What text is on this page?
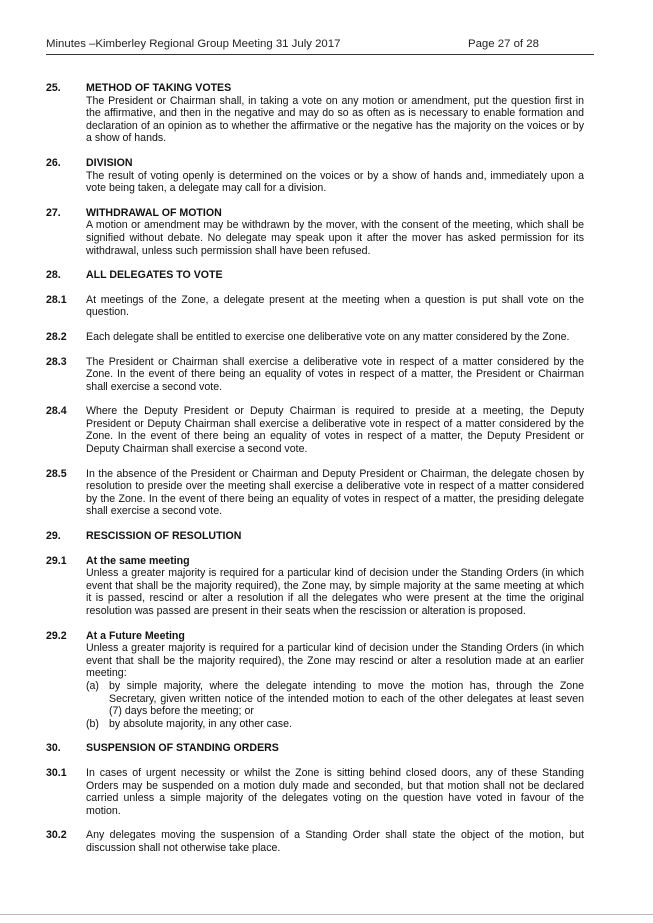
Minutes –Kimberley Regional Group Meeting 31 July 2017	Page 27 of 28
25. METHOD OF TAKING VOTES

The President or Chairman shall, in taking a vote on any motion or amendment, put the question first in the affirmative, and then in the negative and may do so as often as is necessary to enable formation and declaration of an opinion as to whether the affirmative or the negative has the majority on the voices or by a show of hands.

26. DIVISION

The result of voting openly is determined on the voices or by a show of hands and, immediately upon a vote being taken, a delegate may call for a division.

27. WITHDRAWAL OF MOTION

A motion or amendment may be withdrawn by the mover, with the consent of the meeting, which shall be signified without debate. No delegate may speak upon it after the mover has asked permission for its withdrawal, unless such permission shall have been refused.

28. ALL DELEGATES TO VOTE
28.1 At meetings of the Zone, a delegate present at the meeting when a question is put shall vote on the question.

28.2 Each delegate shall be entitled to exercise one deliberative vote on any matter considered by the Zone.

28.3 The President or Chairman shall exercise a deliberative vote in respect of a matter considered by the Zone. In the event of there being an equality of votes in respect of a matter, the President or Chairman shall exercise a second vote.

28.4 Where the Deputy President or Deputy Chairman is required to preside at a meeting, the Deputy President or Deputy Chairman shall exercise a deliberative vote in respect of a matter considered by the Zone. In the event of there being an equality of votes in respect of a matter, the Deputy President or Deputy Chairman shall exercise a second vote.

28.5 In the absence of the President or Chairman and Deputy President or Chairman, the delegate chosen by resolution to preside over the meeting shall exercise a deliberative vote in respect of a matter considered by the Zone. In the event of there being an equality of votes in respect of a matter, the presiding delegate shall exercise a second vote.

29. RESCISSION OF RESOLUTION
29.1 At the same meeting

Unless a greater majority is required for a particular kind of decision under the Standing Orders (in which event that shall be the majority required), the Zone may, by simple majority at the same meeting at which it is passed, rescind or alter a resolution if all the delegates who were present at the time the original resolution was passed are present in their seats when the rescission or alteration is proposed.

29.2 At a Future Meeting

Unless a greater majority is required for a particular kind of decision under the Standing Orders (in which event that shall be the majority required), the Zone may rescind or alter a resolution made at an earlier meeting:

(a) by simple majority, where the delegate intending to move the motion has, through the Zone Secretary, given written notice of the intended motion to each of the other delegates at least seven (7) days before the meeting; or

(b) by absolute majority, in any other case.

30. SUSPENSION OF STANDING ORDERS
30.1 In cases of urgent necessity or whilst the Zone is sitting behind closed doors, any of these Standing Orders may be suspended on a motion duly made and seconded, but that motion shall not be declared carried unless a simple majority of the delegates voting on the question have voted in favour of the motion.

30.2 Any delegates moving the suspension of a Standing Order shall state the object of the motion, but discussion shall not otherwise take place.
